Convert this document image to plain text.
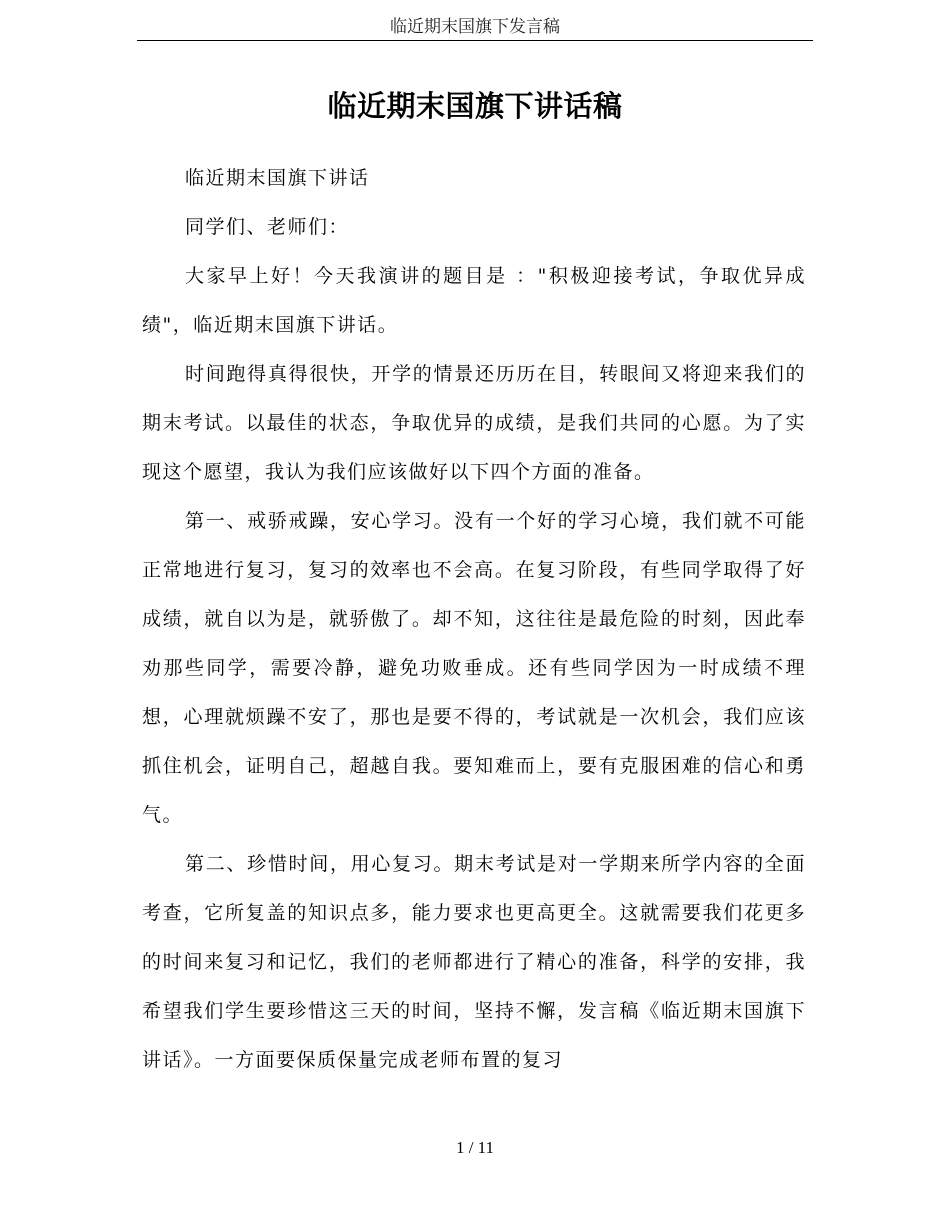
临近期末国旗下发言稿
临近期末国旗下讲话稿

临近期末国旗下讲话

同学们、老师们：

大家早上好！今天我演讲的题目是 ："积极迎接考试，争取优异成绩"，临近期末国旗下讲话。

时间跑得真得很快，开学的情景还历历在目，转眼间又将迎来我们的期末考试。以最佳的状态，争取优异的成绩，是我们共同的心愿。为了实现这个愿望，我认为我们应该做好以下四个方面的准备。

第一、戒骄戒躁，安心学习。没有一个好的学习心境，我们就不可能正常地进行复习，复习的效率也不会高。在复习阶段，有些同学取得了好成绩，就自以为是，就骄傲了。却不知，这往往是最危险的时刻，因此奉劝那些同学，需要冷静，避免功败垂成。还有些同学因为一时成绩不理想，心理就烦躁不安了，那也是要不得的，考试就是一次机会，我们应该抓住机会，证明自己，超越自我。要知难而上，要有克服困难的信心和勇气。

第二、珍惜时间，用心复习。期末考试是对一学期来所学内容的全面考查，它所复盖的知识点多，能力要求也更高更全。这就需要我们花更多的时间来复习和记忆，我们的老师都进行了精心的准备，科学的安排，我希望我们学生要珍惜这三天的时间，坚持不懈，发言稿《临近期末国旗下讲话》。一方面要保质保量完成老师布置的复习

1 / 11
